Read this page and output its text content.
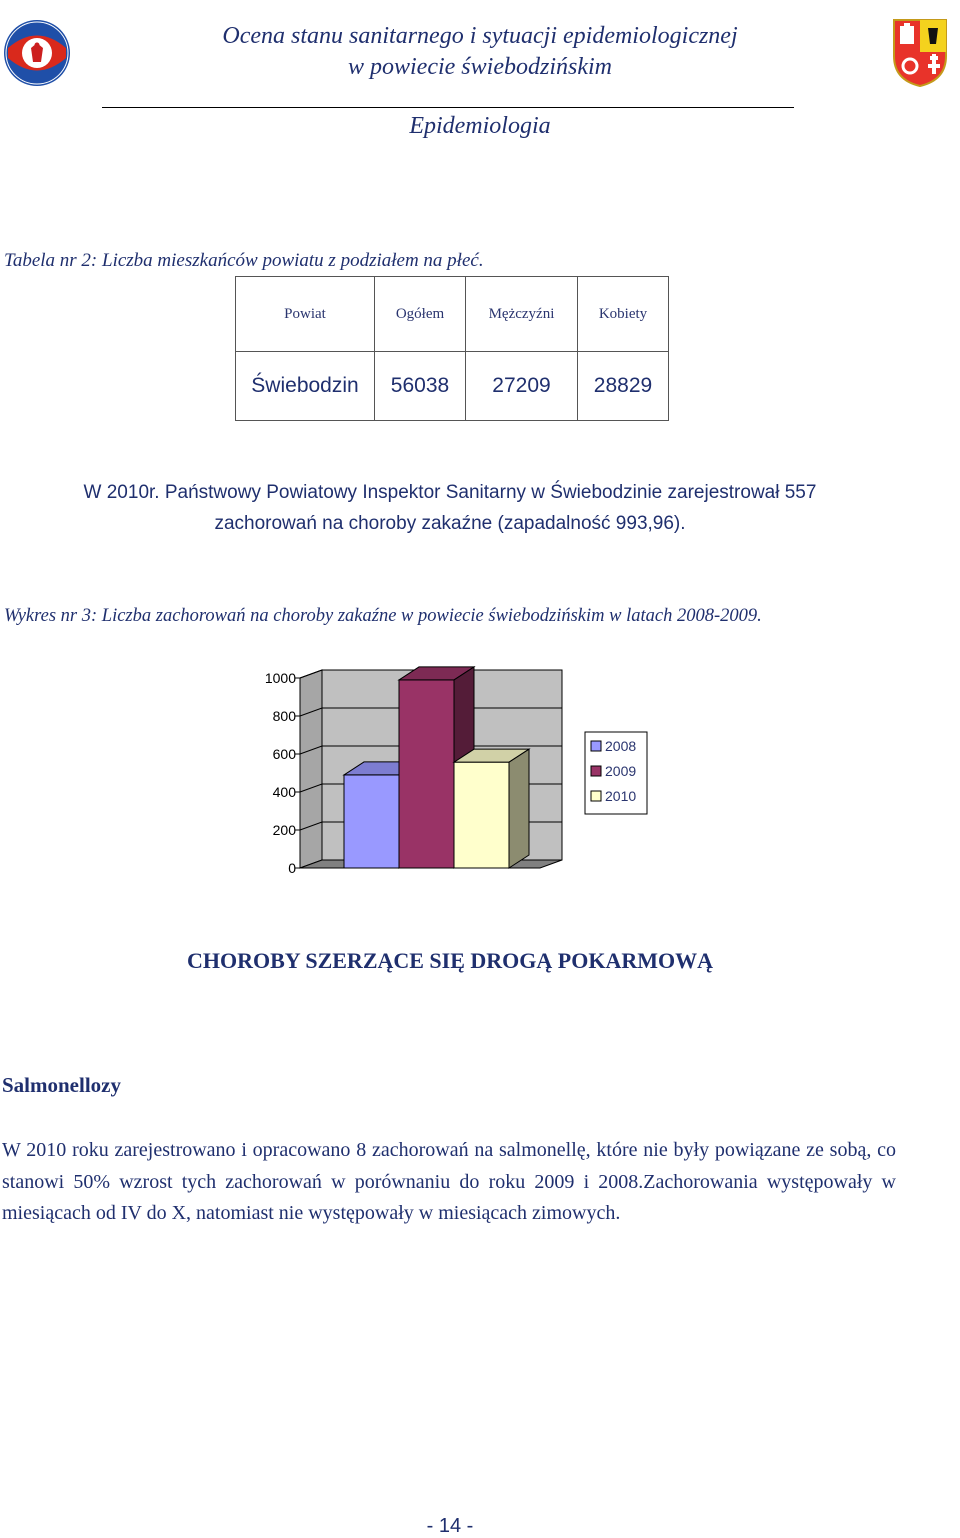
Ocena stanu sanitarnego i sytuacji epidemiologicznej
w powiecie świebodzińskim
Epidemiologia
Tabela nr 2: Liczba mieszkańców powiatu z podziałem na płeć.
Powiat	Ogółem	Mężczyźni	Kobiety
Świebodzin	56038	27209	28829
W 2010r. Państwowy Powiatowy Inspektor Sanitarny w Świebodzinie zarejestrował 557
zachorowań na choroby zakaźne (zapadalność 993,96).
Wykres nr 3: Liczba zachorowań na choroby zakaźne w powiecie świebodzińskim w latach 2008-2009.
1000
800
600
400
200
0
2008
2009
2010
CHOROBY SZERZĄCE SIĘ DROGĄ POKARMOWĄ
Salmonellozy
W 2010 roku zarejestrowano i opracowano 8 zachorowań na salmonellę, które nie były powiązane ze sobą, co stanowi 50% wzrost tych zachorowań w porównaniu do roku 2009 i 2008.Zachorowania występowały w miesiącach od IV do X, natomiast nie występowały w miesiącach zimowych.
- 14 -
